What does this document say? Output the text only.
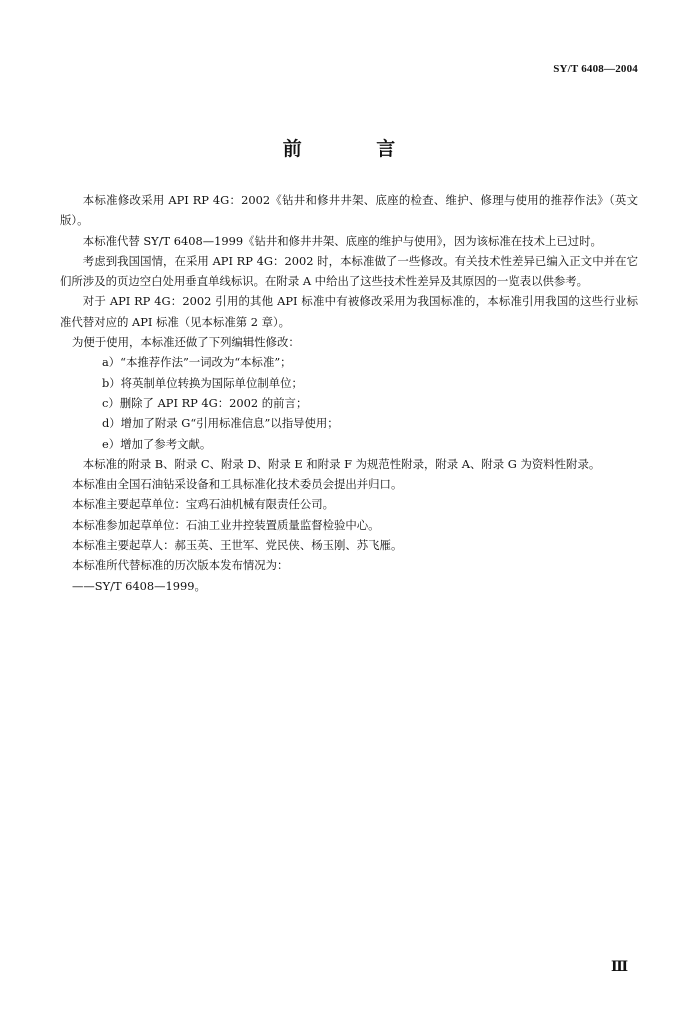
SY/T 6408—2004
前 言

本标准修改采用 API RP 4G：2002《钻井和修井井架、底座的检查、维护、修理与使用的推荐作法》（英文版）。

本标准代替 SY/T 6408—1999《钻井和修井井架、底座的维护与使用》，因为该标准在技术上已过时。

考虑到我国国情，在采用 API RP 4G：2002 时，本标准做了一些修改。有关技术性差异已编入正文中并在它们所涉及的页边空白处用垂直单线标识。在附录 A 中给出了这些技术性差异及其原因的一览表以供参考。

对于 API RP 4G：2002 引用的其他 API 标准中有被修改采用为我国标准的，本标准引用我国的这些行业标准代替对应的 API 标准（见本标准第 2 章）。

为便于使用，本标准还做了下列编辑性修改：

a）“本推荐作法”一词改为“本标准”；

b）将英制单位转换为国际单位制单位；

c）删除了 API RP 4G：2002 的前言；

d）增加了附录 G“引用标准信息”以指导使用；

e）增加了参考文献。

本标准的附录 B、附录 C、附录 D、附录 E 和附录 F 为规范性附录，附录 A、附录 G 为资料性附录。

本标准由全国石油钻采设备和工具标准化技术委员会提出并归口。

本标准主要起草单位：宝鸡石油机械有限责任公司。

本标准参加起草单位：石油工业井控装置质量监督检验中心。

本标准主要起草人：郝玉英、王世军、党民侠、杨玉刚、苏飞雁。

本标准所代替标准的历次版本发布情况为：

——SY/T 6408—1999。

Ⅲ
